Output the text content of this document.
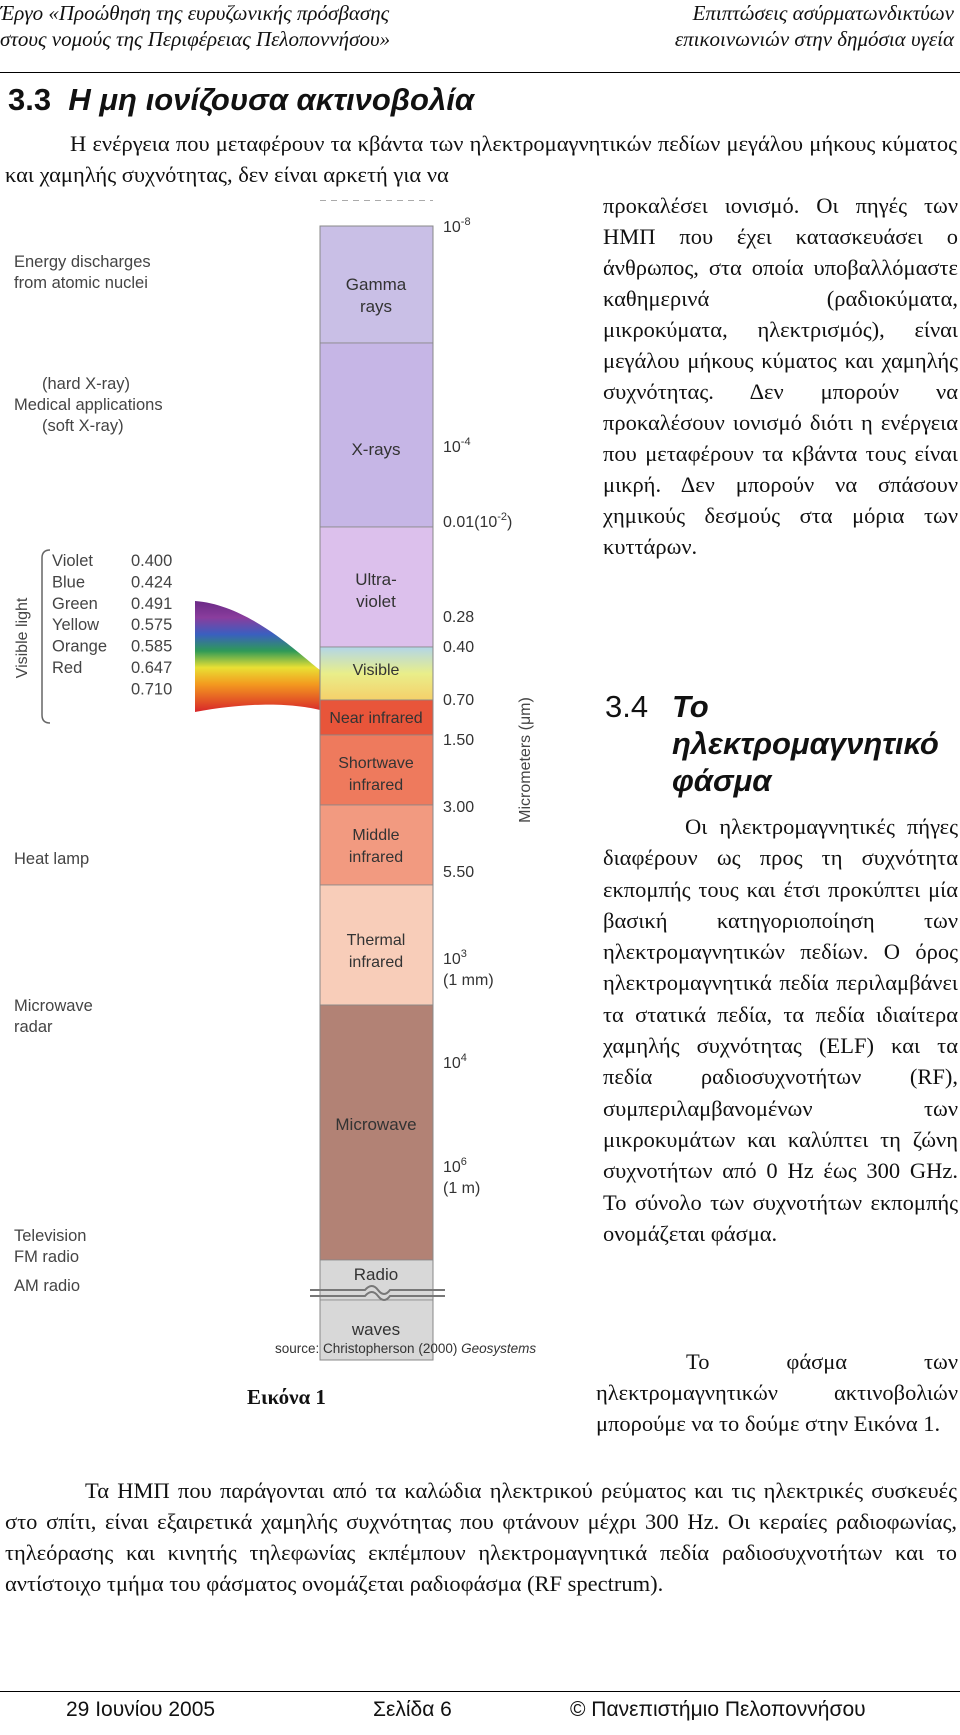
Έργο «Προώθηση της ευρυζωνικής πρόσβασης
στους νομούς της Περιφέρειας Πελοποννήσου»
Επιπτώσεις ασύρματωνδικτύων
επικοινωνιών στην δημόσια υγεία
3.3 Η μη ιονίζουσα ακτινοβολία

Η ενέργεια που μεταφέρουν τα κβάντα των ηλεκτρομαγνητικών πεδίων μεγάλου μήκους κύματος και χαμηλής συχνότητας, δεν είναι αρκετή για να

προκαλέσει ιονισμό. Οι πηγές των ΗΜΠ που έχει κατασκευάσει ο άνθρωπος, στα οποία υποβαλλόμαστε καθημερινά (ραδιοκύματα, μικροκύματα, ηλεκτρισμός), είναι μεγάλου μήκους κύματος και χαμηλής συχνότητας. Δεν μπορούν να προκαλέσουν ιονισμό διότι η ενέργεια που μεταφέρουν τα κβάντα τους είναι μικρή. Δεν μπορούν να σπάσουν χημικούς δεσμούς στα μόρια των κυττάρων.

Gamma
rays
X-rays
Ultra-
violet
Visible
Near infrared
Shortwave
infrared
Middle
infrared
Thermal
infrared
Microwave
Radio
waves
$10^{-8}$
$10^{-4}$
$0.01(10^{-2})$
0.28
0.40
0.70
1.50
3.00
5.50
$10^3$
(1 mm)
$10^4$
$10^6$
(1 m)
Micrometers (μm)
Visible light
Violet 0.400
Blue	0.424
Green 0.491
Yellow 0.575
Orange 0.585
Red	0.647
0.710
Energy discharges
from atomic nuclei
(hard X-ray)
Medical applications
(soft X-ray)
Heat lamp
Microwave
radar
Television
FM radio
AM radio
source: Christopherson (2000) Geosystems
Εικόνα 1
3.4 Το
ηλεκτρομαγνητικό
φάσμα

Οι ηλεκτρομαγνητικές πήγες διαφέρουν ως προς τη συχνότητα εκπομπής τους και έτσι προκύπτει μία βασική κατηγοριοποίηση των ηλεκτρομαγνητικών πεδίων. Ο όρος ηλεκτρομαγνητικά πεδία περιλαμβάνει τα στατικά πεδία, τα πεδία ιδιαίτερα χαμηλής συχνότητας (ELF) και τα πεδία ραδιοσυχνοτήτων (RF), συμπεριλαμβανομένων των μικροκυμάτων και καλύπτει τη ζώνη συχνοτήτων από 0 Hz έως 300 GHz. Το σύνολο των συχνοτήτων εκπομπής ονομάζεται φάσμα.

Το φάσμα των ηλεκτρομαγνητικών ακτινοβολιών μπορούμε να το δούμε στην Εικόνα 1.

Τα ΗΜΠ που παράγονται από τα καλώδια ηλεκτρικού ρεύματος και τις ηλεκτρικές συσκευές στο σπίτι, είναι εξαιρετικά χαμηλής συχνότητας που φτάνουν μέχρι 300 Hz. Οι κεραίες ραδιοφωνίας, τηλεόρασης και κινητής τηλεφωνίας εκπέμπουν ηλεκτρομαγνητικά πεδία ραδιοσυχνοτήτων και το αντίστοιχο τμήμα του φάσματος ονομάζεται ραδιοφάσμα (RF spectrum).

29 Ιουνίου 2005	Σελίδα 6	© Πανεπιστήμιο Πελοποννήσου
